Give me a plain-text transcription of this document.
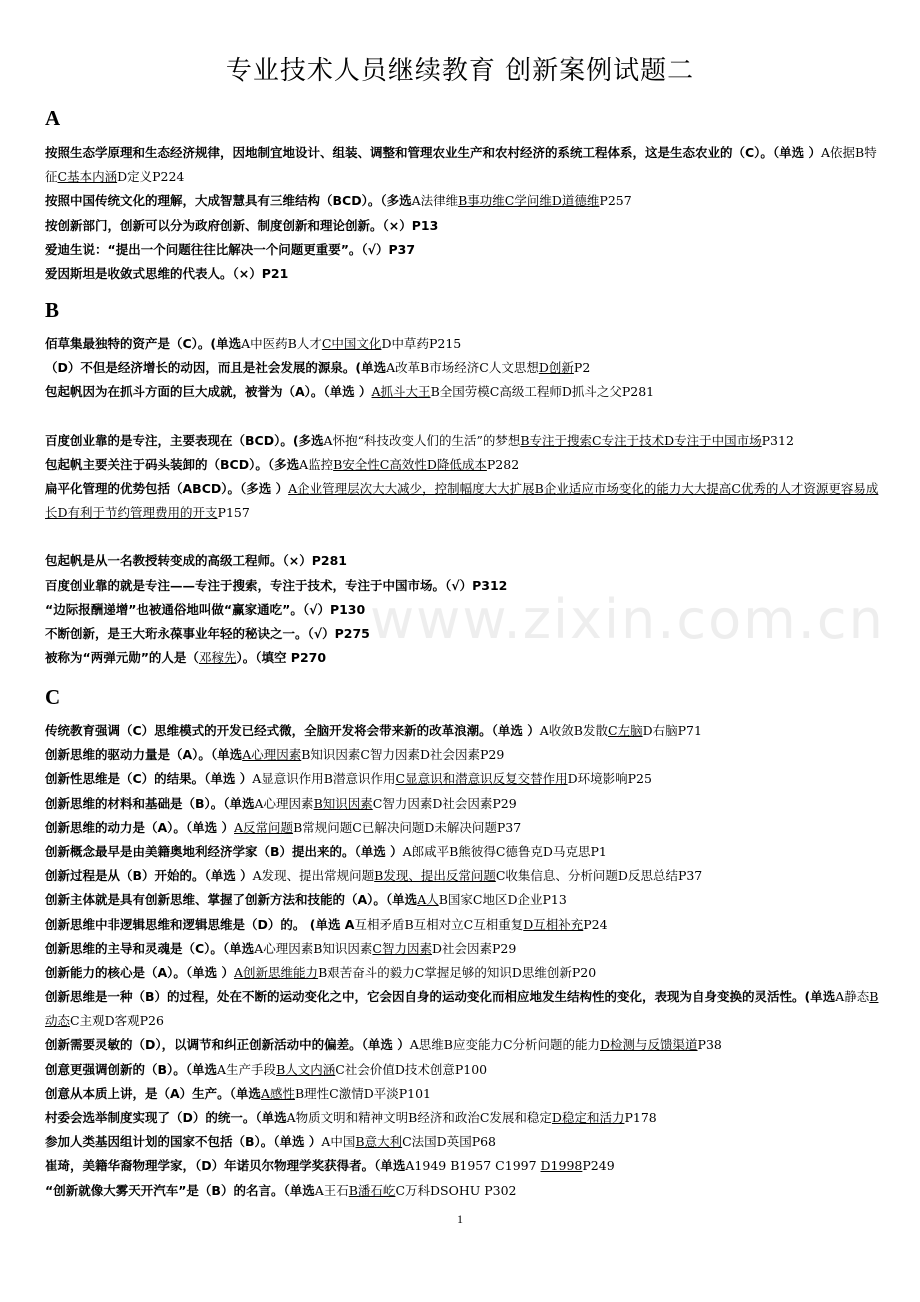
专业技术人员继续教育 创新案例试题二
A
按照生态学原理和生态经济规律，因地制宜地设计、组装、调整和管理农业生产和农村经济的系统工程体系，这是生态农业的（C）。（单选 ）A依据B特征C基本内涵D定义P224
按照中国传统文化的理解，大成智慧具有三维结构（BCD）。（多选A法律维B事功维C学问维D道德维P257
按创新部门，创新可以分为政府创新、制度创新和理论创新。（×）P13
爱迪生说：“提出一个问题往往比解决一个问题更重要”。（√）P37
爱因斯坦是收敛式思维的代表人。（×）P21
B
佰草集最独特的资产是（C）。(单选A中医药B人才C中国文化D中草药P215
（D）不但是经济增长的动因，而且是社会发展的源泉。(单选A改革B市场经济C人文思想D创新P2
包起帆因为在抓斗方面的巨大成就，被誉为（A）。（单选 ）A抓斗大王B全国劳模C高级工程师D抓斗之父P281
百度创业靠的是专注，主要表现在（BCD）。(多选A怀抱“科技改变人们的生活”的梦想B专注于搜索C专注于技术D专注于中国市场P312
包起帆主要关注于码头装卸的（BCD）。（多选A监控B安全性C高效性D降低成本P282
扁平化管理的优势包括（ABCD）。（多选 ）A企业管理层次大大减少，控制幅度大大扩展B企业适应市场变化的能力大大提高C优秀的人才资源更容易成长D有利于节约管理费用的开支P157
包起帆是从一名教授转变成的高级工程师。（×）P281
百度创业靠的就是专注——专注于搜索，专注于技术，专注于中国市场。（√）P312
“边际报酬递增”也被通俗地叫做“赢家通吃”。（√）P130
不断创新，是王大珩永葆事业年轻的秘诀之一。（√）P275
被称为“两弹元勋”的人是（邓稼先）。（填空 P270
C
传统教育强调（C）思维模式的开发已经式微，全脑开发将会带来新的改革浪潮。（单选 ）A收敛B发散C左脑D右脑P71
创新思维的驱动力量是（A）。（单选A心理因素B知识因素C智力因素D社会因素P29
创新性思维是（C）的结果。（单选 ）A显意识作用B潜意识作用C显意识和潜意识反复交替作用D环境影响P25
创新思维的材料和基础是（B）。（单选A心理因素B知识因素C智力因素D社会因素P29
创新思维的动力是（A）。（单选 ）A反常问题B常规问题C已解决问题D未解决问题P37
创新概念最早是由美籍奥地利经济学家（B）提出来的。（单选 ）A郎咸平B熊彼得C德鲁克D马克思P1
创新过程是从（B）开始的。（单选 ）A发现、提出常规问题B发现、提出反常问题C收集信息、分析问题D反思总结P37
创新主体就是具有创新思维、掌握了创新方法和技能的（A）。（单选A人B国家C地区D企业P13
创新思维中非逻辑思维和逻辑思维是（D）的。 (单选 A互相矛盾B互相对立C互相重复D互相补充P24
创新思维的主导和灵魂是（C）。（单选A心理因素B知识因素C智力因素D社会因素P29
创新能力的核心是（A）。（单选 ）A创新思维能力B艰苦奋斗的毅力C掌握足够的知识D思维创新P20
创新思维是一种（B）的过程，处在不断的运动变化之中，它会因自身的运动变化而相应地发生结构性的变化，表现为自身变换的灵活性。(单选A静态B动态C主观D客观P26
创新需要灵敏的（D），以调节和纠正创新活动中的偏差。（单选 ）A思维B应变能力C分析问题的能力D检测与反馈渠道P38
创意更强调创新的（B）。（单选A生产手段B人文内涵C社会价值D技术创意P100
创意从本质上讲，是（A）生产。（单选A感性B理性C激情D平淡P101
村委会选举制度实现了（D）的统一。（单选A物质文明和精神文明B经济和政治C发展和稳定D稳定和活力P178
参加人类基因组计划的国家不包括（B）。（单选 ）A中国B意大利C法国D英国P68
崔琦，美籍华裔物理学家，（D）年诺贝尔物理学奖获得者。（单选A1949 B1957 C1997 D1998P249
“创新就像大雾天开汽车”是（B）的名言。（单选A王石B潘石屹C万科DSOHU P302
www.zixin.com.cn
1
